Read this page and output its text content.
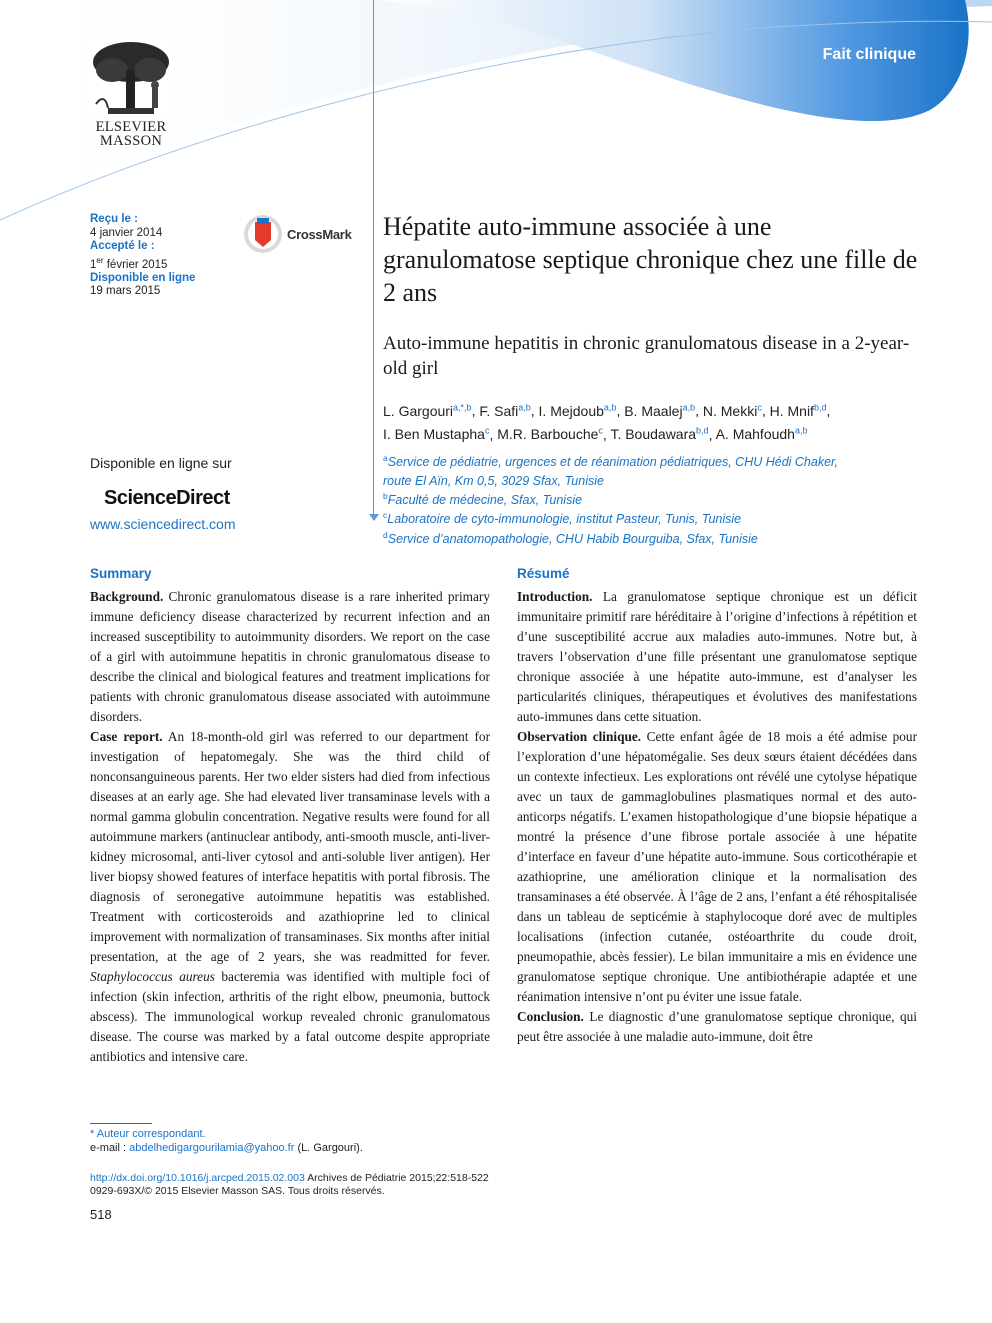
Fait clinique
ELSEVIER
MASSON
Reçu le :
4 janvier 2014
Accepté le :
1er février 2015
Disponible en ligne
19 mars 2015
CrossMark Hépatite auto-immune associée à une granulomatose septique chronique chez une fille de 2 ans
Auto-immune hepatitis in chronic granulomatous disease in a 2-year-old girl
L. Gargouri$^{a,*,b}$, F. Safi$^{a,b}$, I. Mejdoub$^{a,b}$, B. Maalej$^{a,b}$, N. Mekki$^c$, H. Mnif$^{b,d}$,
I. Ben Mustapha$^c$, M.R. Barbouche$^c$, T. Boudawara$^{b,d}$, A. Mahfoudh$^{a,b}$
$^a$Service de pédiatrie, urgences et de réanimation pédiatriques, CHU Hédi Chaker,
route El Aïn, Km 0,5, 3029 Sfax, Tunisie
$^b$Faculté de médecine, Sfax, Tunisie
$^c$Laboratoire de cyto-immunologie, institut Pasteur, Tunis, Tunisie
$^d$Service d’anatomopathologie, CHU Habib Bourguiba, Sfax, Tunisie
Disponible en ligne sur
ScienceDirect
www.sciencedirect.com
Summary

Background. Chronic granulomatous disease is a rare inherited primary immune deficiency disease characterized by recurrent infection and an increased susceptibility to autoimmunity disorders. We report on the case of a girl with autoimmune hepatitis in chronic granulomatous disease to describe the clinical and biological features and treatment implications for patients with chronic granulomatous disease associated with autoimmune disorders.

Case report. An 18-month-old girl was referred to our department for investigation of hepatomegaly. She was the third child of nonconsanguineous parents. Her two elder sisters had died from infectious diseases at an early age. She had elevated liver transaminase levels with a normal gamma globulin concentration. Negative results were found for all autoimmune markers (antinuclear antibody, anti-smooth muscle, anti-liver-kidney microsomal, anti-liver cytosol and anti-soluble liver antigen). Her liver biopsy showed features of interface hepatitis with portal fibrosis. The diagnosis of seronegative autoimmune hepatitis was established. Treatment with corticosteroids and azathioprine led to clinical improvement with normalization of transaminases. Six months after initial presentation, at the age of 2 years, she was readmitted for fever. Staphylococcus aureus bacteremia was identified with multiple foci of infection (skin infection, arthritis of the right elbow, pneumonia, buttock abscess). The immunological workup revealed chronic granulomatous disease. The course was marked by a fatal outcome despite appropriate antibiotics and intensive care.

Résumé

Introduction. La granulomatose septique chronique est un déficit immunitaire primitif rare héréditaire à l’origine d’infections à répétition et d’une susceptibilité accrue aux maladies auto-immunes. Notre but, à travers l’observation d’une fille présentant une granulomatose septique chronique associée à une hépatite auto-immune, est d’analyser les particularités cliniques, thérapeutiques et évolutives des manifestations auto-immunes dans cette situation.

Observation clinique. Cette enfant âgée de 18 mois a été admise pour l’exploration d’une hépatomégalie. Ses deux sœurs étaient décédées dans un contexte infectieux. Les explorations ont révélé une cytolyse hépatique avec un taux de gammaglobulines plasmatiques normal et des auto-anticorps négatifs. L’examen histopathologique d’une biopsie hépatique a montré la présence d’une fibrose portale associée à une hépatite d’interface en faveur d’une hépatite auto-immune. Sous corticothérapie et azathioprine, une amélioration clinique et la normalisation des transaminases a été observée. À l’âge de 2 ans, l’enfant a été réhospitalisée dans un tableau de septicémie à staphylocoque doré avec de multiples localisations (infection cutanée, ostéoarthrite du coude droit, pneumopathie, abcès fessier). Le bilan immunitaire a mis en évidence une granulomatose septique chronique. Une antibiothérapie adaptée et une réanimation intensive n’ont pu éviter une issue fatale.

Conclusion. Le diagnostic d’une granulomatose septique chronique, qui peut être associée à une maladie auto-immune, doit être

* Auteur correspondant.
e-mail : abdelhedigargourilamia@yahoo.fr (L. Gargouri).
http://dx.doi.org/10.1016/j.arcped.2015.02.003 Archives de Pédiatrie 2015;22:518-522
0929-693X/© 2015 Elsevier Masson SAS. Tous droits réservés.
518
